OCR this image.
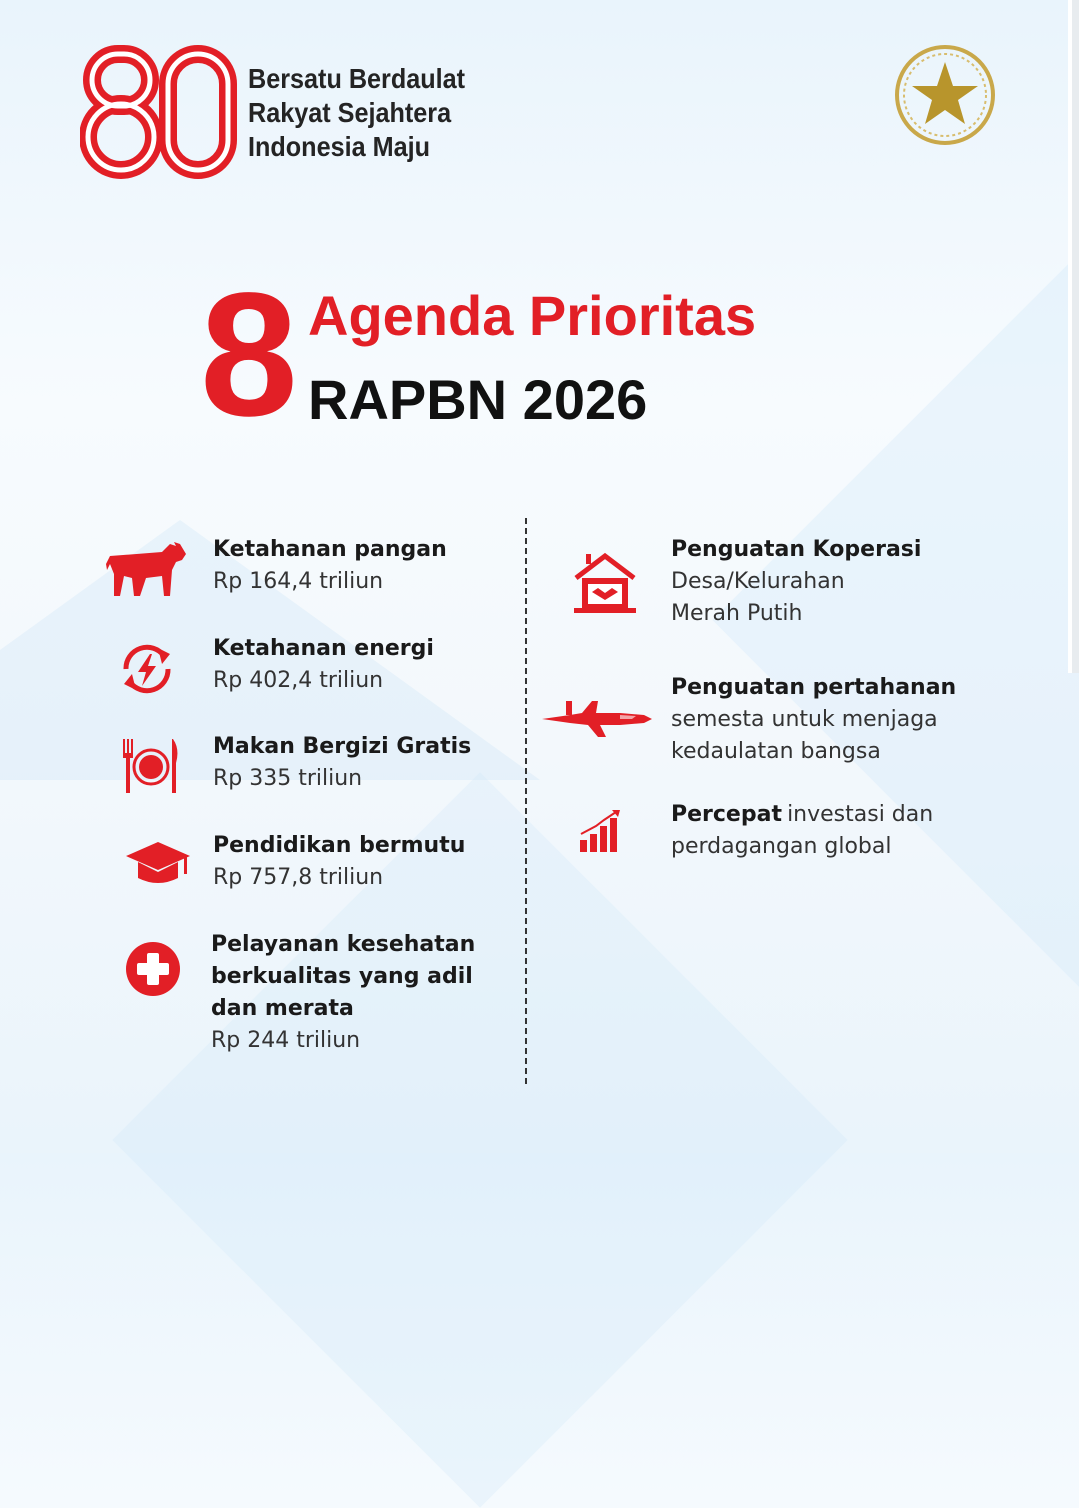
Bersatu Berdaulat
Rakyat Sejahtera
Indonesia Maju
8 Agenda Prioritas
RAPBN 2026
Ketahanan pangan
Rp 164,4 triliun
Ketahanan energi
Rp 402,4 triliun
Makan Bergizi Gratis
Rp 335 triliun
Pendidikan bermutu
Rp 757,8 triliun
Pelayanan kesehatan
berkualitas yang adil
dan merata
Rp 244 triliun
Penguatan Koperasi
Desa/Kelurahan
Merah Putih
Penguatan pertahanan
semesta untuk menjaga
kedaulatan bangsa
Percepat investasi dan
perdagangan global
